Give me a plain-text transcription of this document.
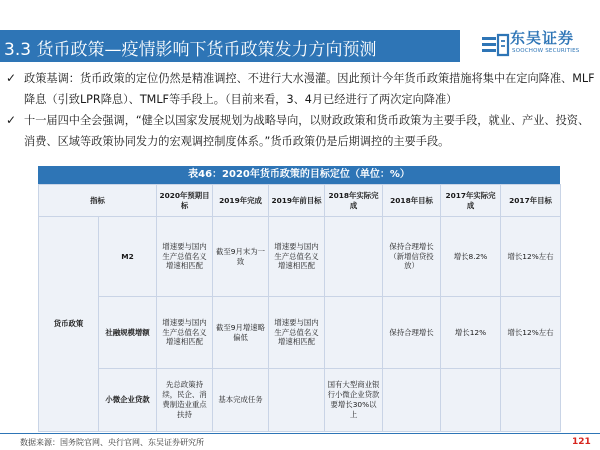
3.3 货币政策—疫情影响下货币政策发力方向预测
东吴证券
SOOCHOW SECURITIES
✓ 政策基调：货币政策的定位仍然是精准调控、不进行大水漫灌。因此预计今年货币政策措施将集中在定向降准、MLF降息（引致LPR降息）、TMLF等手段上。（目前来看，3、4月已经进行了两次定向降准）
✓ 十一届四中全会强调，“健全以国家发展规划为战略导向，以财政政策和货币政策为主要手段，就业、产业、投资、消费、区域等政策协同发力的宏观调控制度体系。”货币政策仍是后期调控的主要手段。
表46：2020年货币政策的目标定位（单位：%）
指标		2020年预期目标	2019年完成	2019年前目标	2018年实际完成	2018年目标	2017年实际完成	2017年目标
货币政策	M2	增速要与国内生产总值名义增速相匹配	截至9月末为一致	增速要与国内生产总值名义增速相匹配		保持合理增长（新增信贷投放）	增长8.2%	增长12%左右
	社融规模增额	增速要与国内生产总值名义增速相匹配	截至9月增速略偏低	增速要与国内生产总值名义增速相匹配		保持合理增长	增长12%	增长12%左右
	小微企业贷款	先总政策持续，民企、消费制造业重点扶持	基本完成任务		国有大型商业银行小微企业贷款要增长30%以上			
数据来源：国务院官网、央行官网、东吴证券研究所	121
